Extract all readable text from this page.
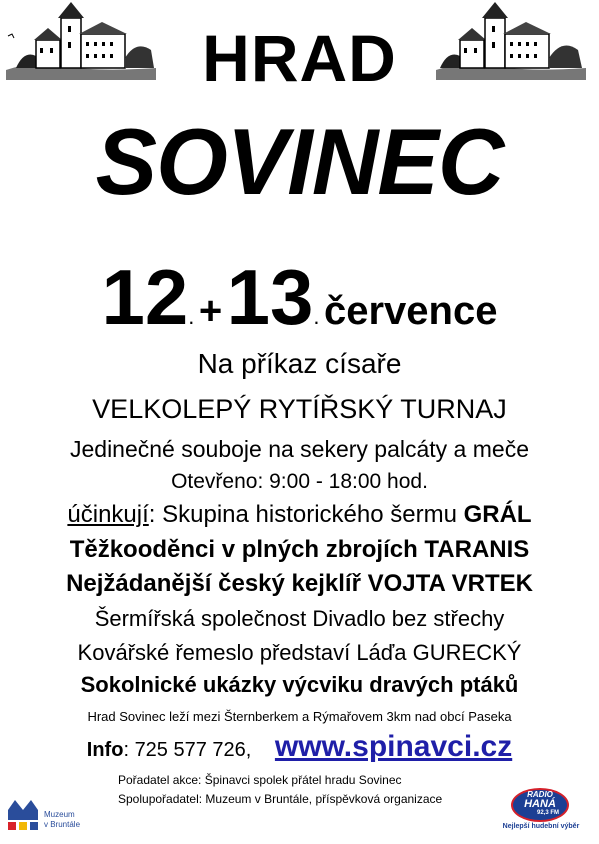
HRAD
SOVINEC
12. + 13. července
Na příkaz císaře
VELKOLEPÝ RYTÍŘSKÝ TURNAJ
Jedinečné souboje na sekery palcáty a meče
Otevřeno: 9:00 - 18:00 hod.
účinkují: Skupina historického šermu GRÁL
Těžkooděnci v plných zbrojích TARANIS
Nejžádanější český kejklíř VOJTA VRTEK
Šermířská společnost Divadlo bez střechy
Kovářské řemeslo představí Láďa GURECKÝ
Sokolnické ukázky výcviku dravých ptáků
Hrad Sovinec leží mezi Šternberkem a Rýmařovem 3km nad obcí Paseka
Info: 725 577 726, www.spinavci.cz
Pořadatel akce: Špinavci spolek přátel hradu Sovinec
Spolupořadatel: Muzeum v Bruntále, příspěvková organizace
Muzeum
v Bruntále
RADIO
HANÁ
92,3 FM
Nejlepší hudební výběr
